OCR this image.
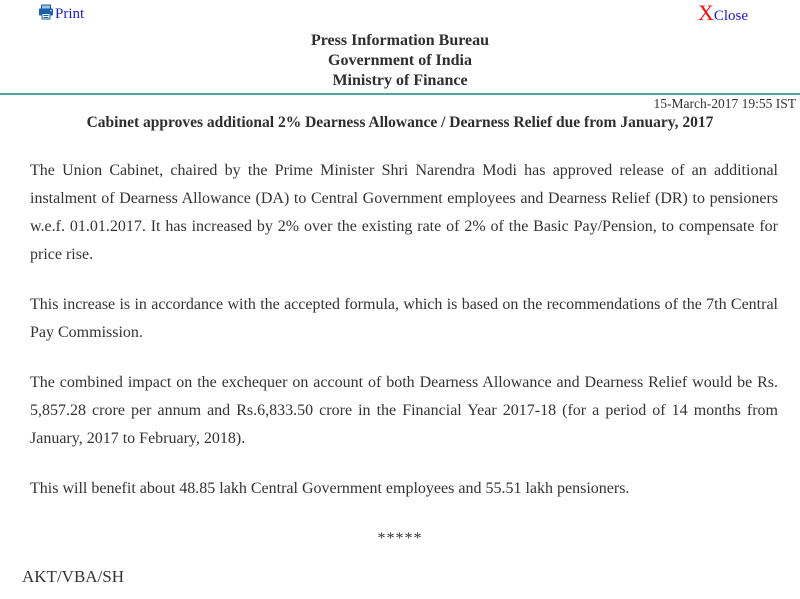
Print	X Close
Press Information Bureau
Government of India
Ministry of Finance
15-March-2017 19:55 IST
Cabinet approves additional 2% Dearness Allowance / Dearness Relief due from January, 2017

The Union Cabinet, chaired by the Prime Minister Shri Narendra Modi has approved release of an additional instalment of Dearness Allowance (DA) to Central Government employees and Dearness Relief (DR) to pensioners w.e.f. 01.01.2017. It has increased by 2% over the existing rate of 2% of the Basic Pay/Pension, to compensate for price rise.

This increase is in accordance with the accepted formula, which is based on the recommendations of the 7th Central Pay Commission.

The combined impact on the exchequer on account of both Dearness Allowance and Dearness Relief would be Rs. 5,857.28 crore per annum and Rs.6,833.50 crore in the Financial Year 2017-18 (for a period of 14 months from January, 2017 to February, 2018).

This will benefit about 48.85 lakh Central Government employees and 55.51 lakh pensioners.

*****
AKT/VBA/SH
